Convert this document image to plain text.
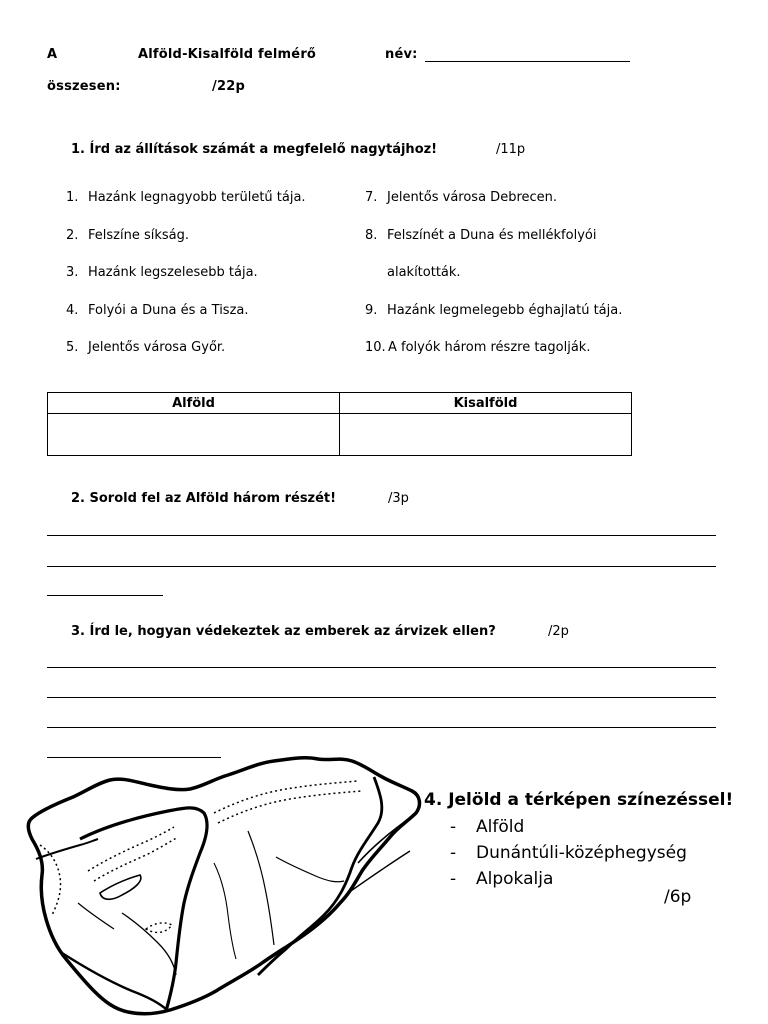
A	Alföld-Kisalföld felmérő	név:
összesen:	/22p
1. Írd az állítások számát a megfelelő nagytájhoz!	/11p
1. Hazánk legnagyobb területű tája.
2. Felszíne síkság.
3. Hazánk legszelesebb tája.
4. Folyói a Duna és a Tisza.
5. Jelentős városa Győr.
7. Jelentős városa Debrecen.
8. Felszínét a Duna és mellékfolyói
alakították.
9. Hazánk legmelegebb éghajlatú tája.
10. A folyók három részre tagolják.
Alföld	Kisalföld

2. Sorold fel az Alföld három részét!	/3p
3. Írd le, hogyan védekeztek az emberek az árvizek ellen?	/2p
4. Jelöld a térképen színezéssel!
- Alföld
- Dunántúli-középhegység
- Alpokalja
/6p
